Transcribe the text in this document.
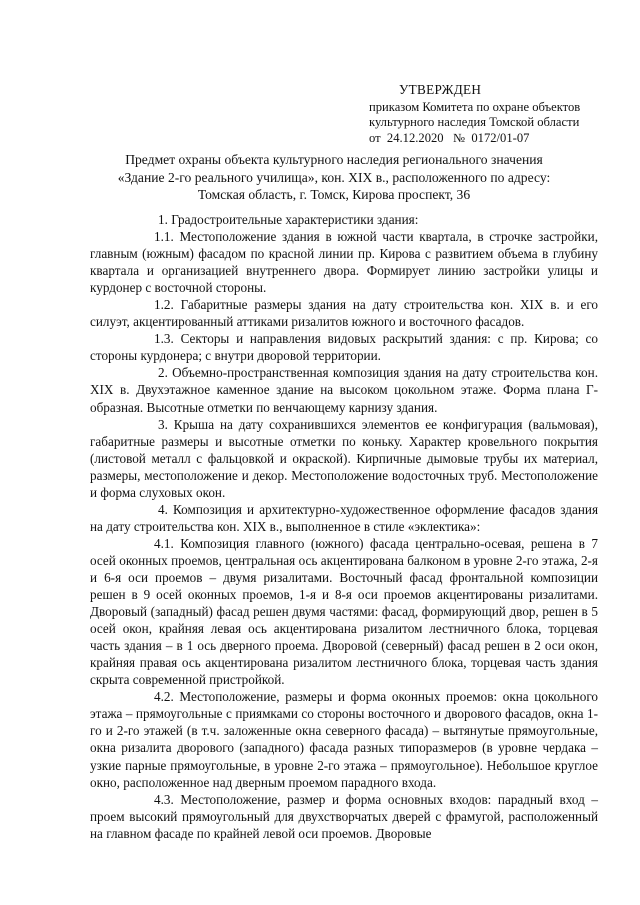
УТВЕРЖДЕН
приказом Комитета по охране объектов
культурного наследия Томской области
от  24.12.2020   №  0172/01-07
Предмет охраны объекта культурного наследия регионального значения
«Здание 2-го реального училища», кон. XIX в., расположенного по адресу:
Томская область, г. Томск, Кирова проспект, 36

1. Градостроительные характеристики здания:

1.1. Местоположение здания в южной части квартала, в строчке застройки, главным (южным) фасадом по красной линии пр. Кирова с развитием объема в глубину квартала и организацией внутреннего двора. Формирует линию застройки улицы и курдонер с восточной стороны.

1.2. Габаритные размеры здания на дату строительства кон. XIX в. и его силуэт, акцентированный аттиками ризалитов южного и восточного фасадов.

1.3. Секторы и направления видовых раскрытий здания: с пр. Кирова; со стороны курдонера; с внутри дворовой территории.

2. Объемно-пространственная композиция здания на дату строительства кон. XIX в. Двухэтажное каменное здание на высоком цокольном этаже. Форма плана Г-образная. Высотные отметки по венчающему карнизу здания.

3. Крыша на дату сохранившихся элементов ее конфигурация (вальмовая), габаритные размеры и высотные отметки по коньку. Характер кровельного покрытия (листовой металл с фальцовкой и окраской). Кирпичные дымовые трубы их материал, размеры, местоположение и декор. Местоположение водосточных труб. Местоположение и форма слуховых окон.

4. Композиция и архитектурно-художественное оформление фасадов здания на дату строительства кон. XIX в., выполненное в стиле «эклектика»:

4.1. Композиция главного (южного) фасада центрально-осевая, решена в 7 осей оконных проемов, центральная ось акцентирована балконом в уровне 2-го этажа, 2-я и 6-я оси проемов – двумя ризалитами. Восточный фасад фронтальной композиции решен в 9 осей оконных проемов, 1-я и 8-я оси проемов акцентированы ризалитами. Дворовый (западный) фасад решен двумя частями: фасад, формирующий двор, решен в 5 осей окон, крайняя левая ось акцентирована ризалитом лестничного блока, торцевая часть здания – в 1 ось дверного проема. Дворовой (северный) фасад решен в 2 оси окон, крайняя правая ось акцентирована ризалитом лестничного блока, торцевая часть здания скрыта современной пристройкой.

4.2. Местоположение, размеры и форма оконных проемов: окна цокольного этажа – прямоугольные с приямками со стороны восточного и дворового фасадов, окна 1-го и 2-го этажей (в т.ч. заложенные окна северного фасада) – вытянутые прямоугольные, окна ризалита дворового (западного) фасада разных типоразмеров (в уровне чердака – узкие парные прямоугольные, в уровне 2-го этажа – прямоугольное). Небольшое круглое окно, расположенное над дверным проемом парадного входа.

4.3. Местоположение, размер и форма основных входов: парадный вход – проем высокий прямоугольный для двухстворчатых дверей с фрамугой, расположенный на главном фасаде по крайней левой оси проемов. Дворовые
